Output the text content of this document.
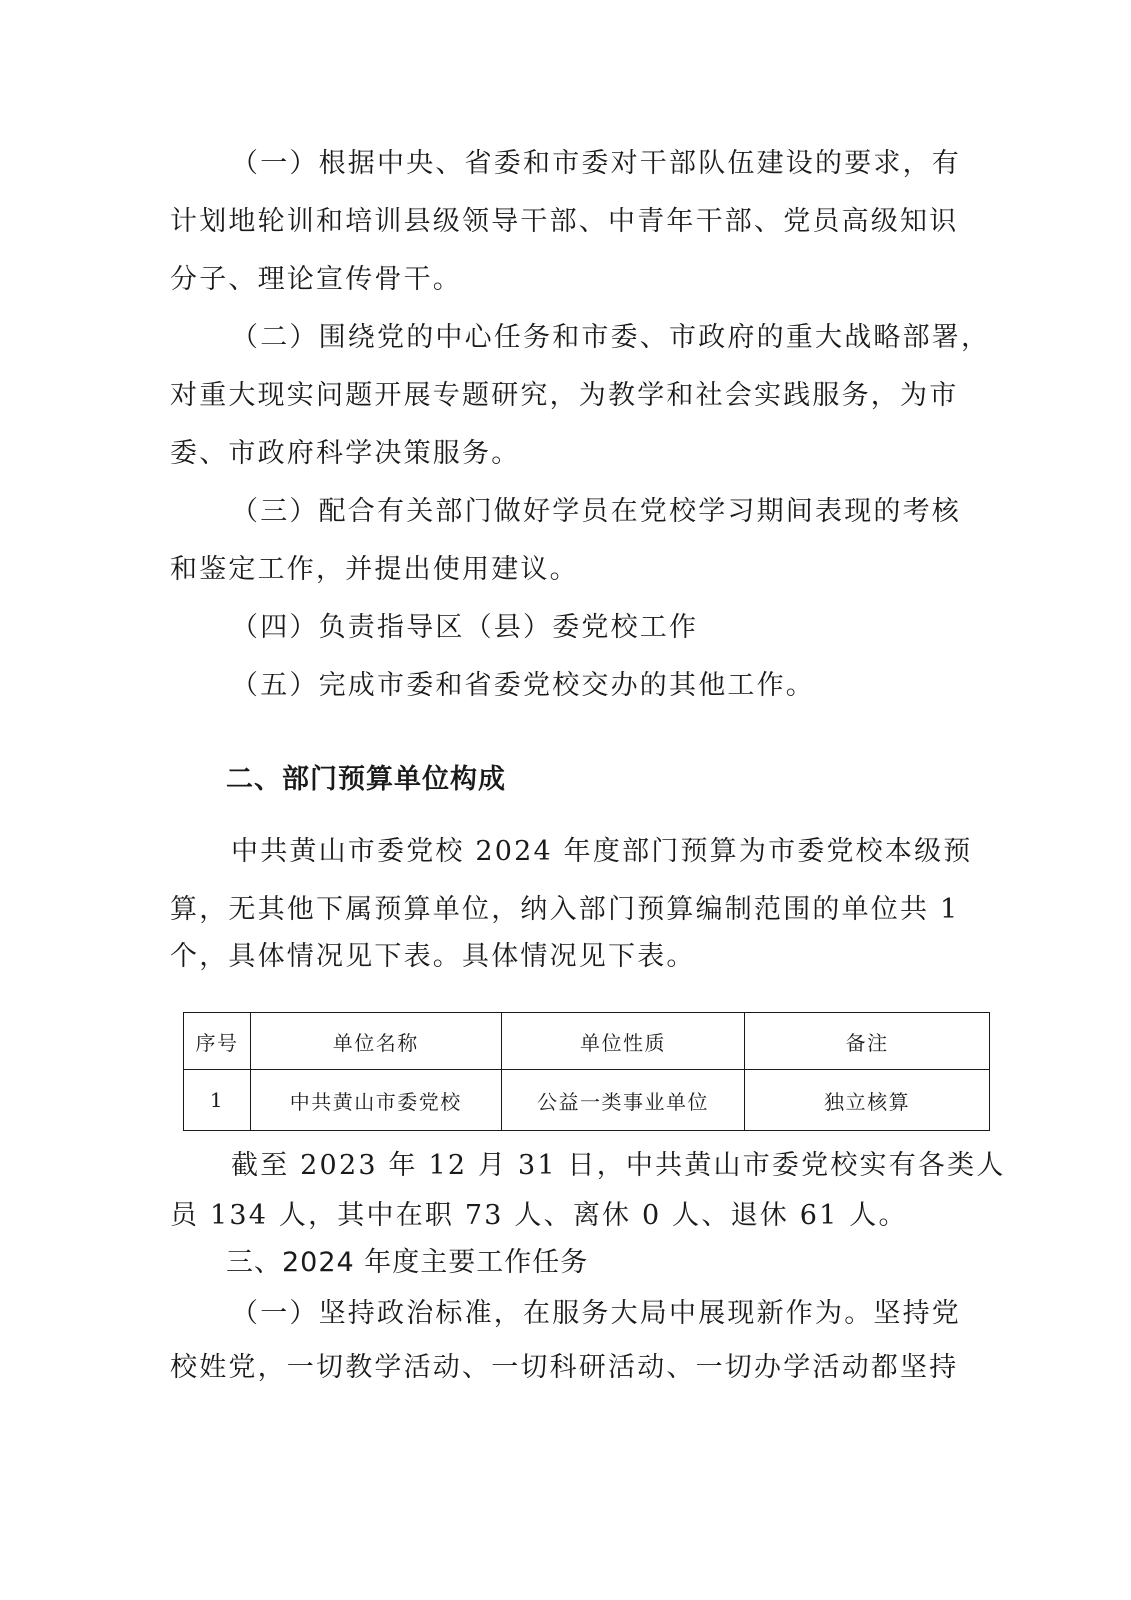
（一）根据中央、省委和市委对干部队伍建设的要求，有
计划地轮训和培训县级领导干部、中青年干部、党员高级知识
分子、理论宣传骨干。
（二）围绕党的中心任务和市委、市政府的重大战略部署，
对重大现实问题开展专题研究，为教学和社会实践服务，为市
委、市政府科学决策服务。
（三）配合有关部门做好学员在党校学习期间表现的考核
和鉴定工作，并提出使用建议。
（四）负责指导区（县）委党校工作
（五）完成市委和省委党校交办的其他工作。
二、部门预算单位构成
中共黄山市委党校 2024 年度部门预算为市委党校本级预
算，无其他下属预算单位，纳入部门预算编制范围的单位共 1
个，具体情况见下表。具体情况见下表。
序号	单位名称	单位性质	备注
1	中共黄山市委党校	公益一类事业单位	独立核算
截至 2023 年 12 月 31 日，中共黄山市委党校实有各类人
员 134 人，其中在职 73 人、离休 0 人、退休 61 人。
三、2024 年度主要工作任务
（一）坚持政治标准，在服务大局中展现新作为。坚持党
校姓党，一切教学活动、一切科研活动、一切办学活动都坚持
